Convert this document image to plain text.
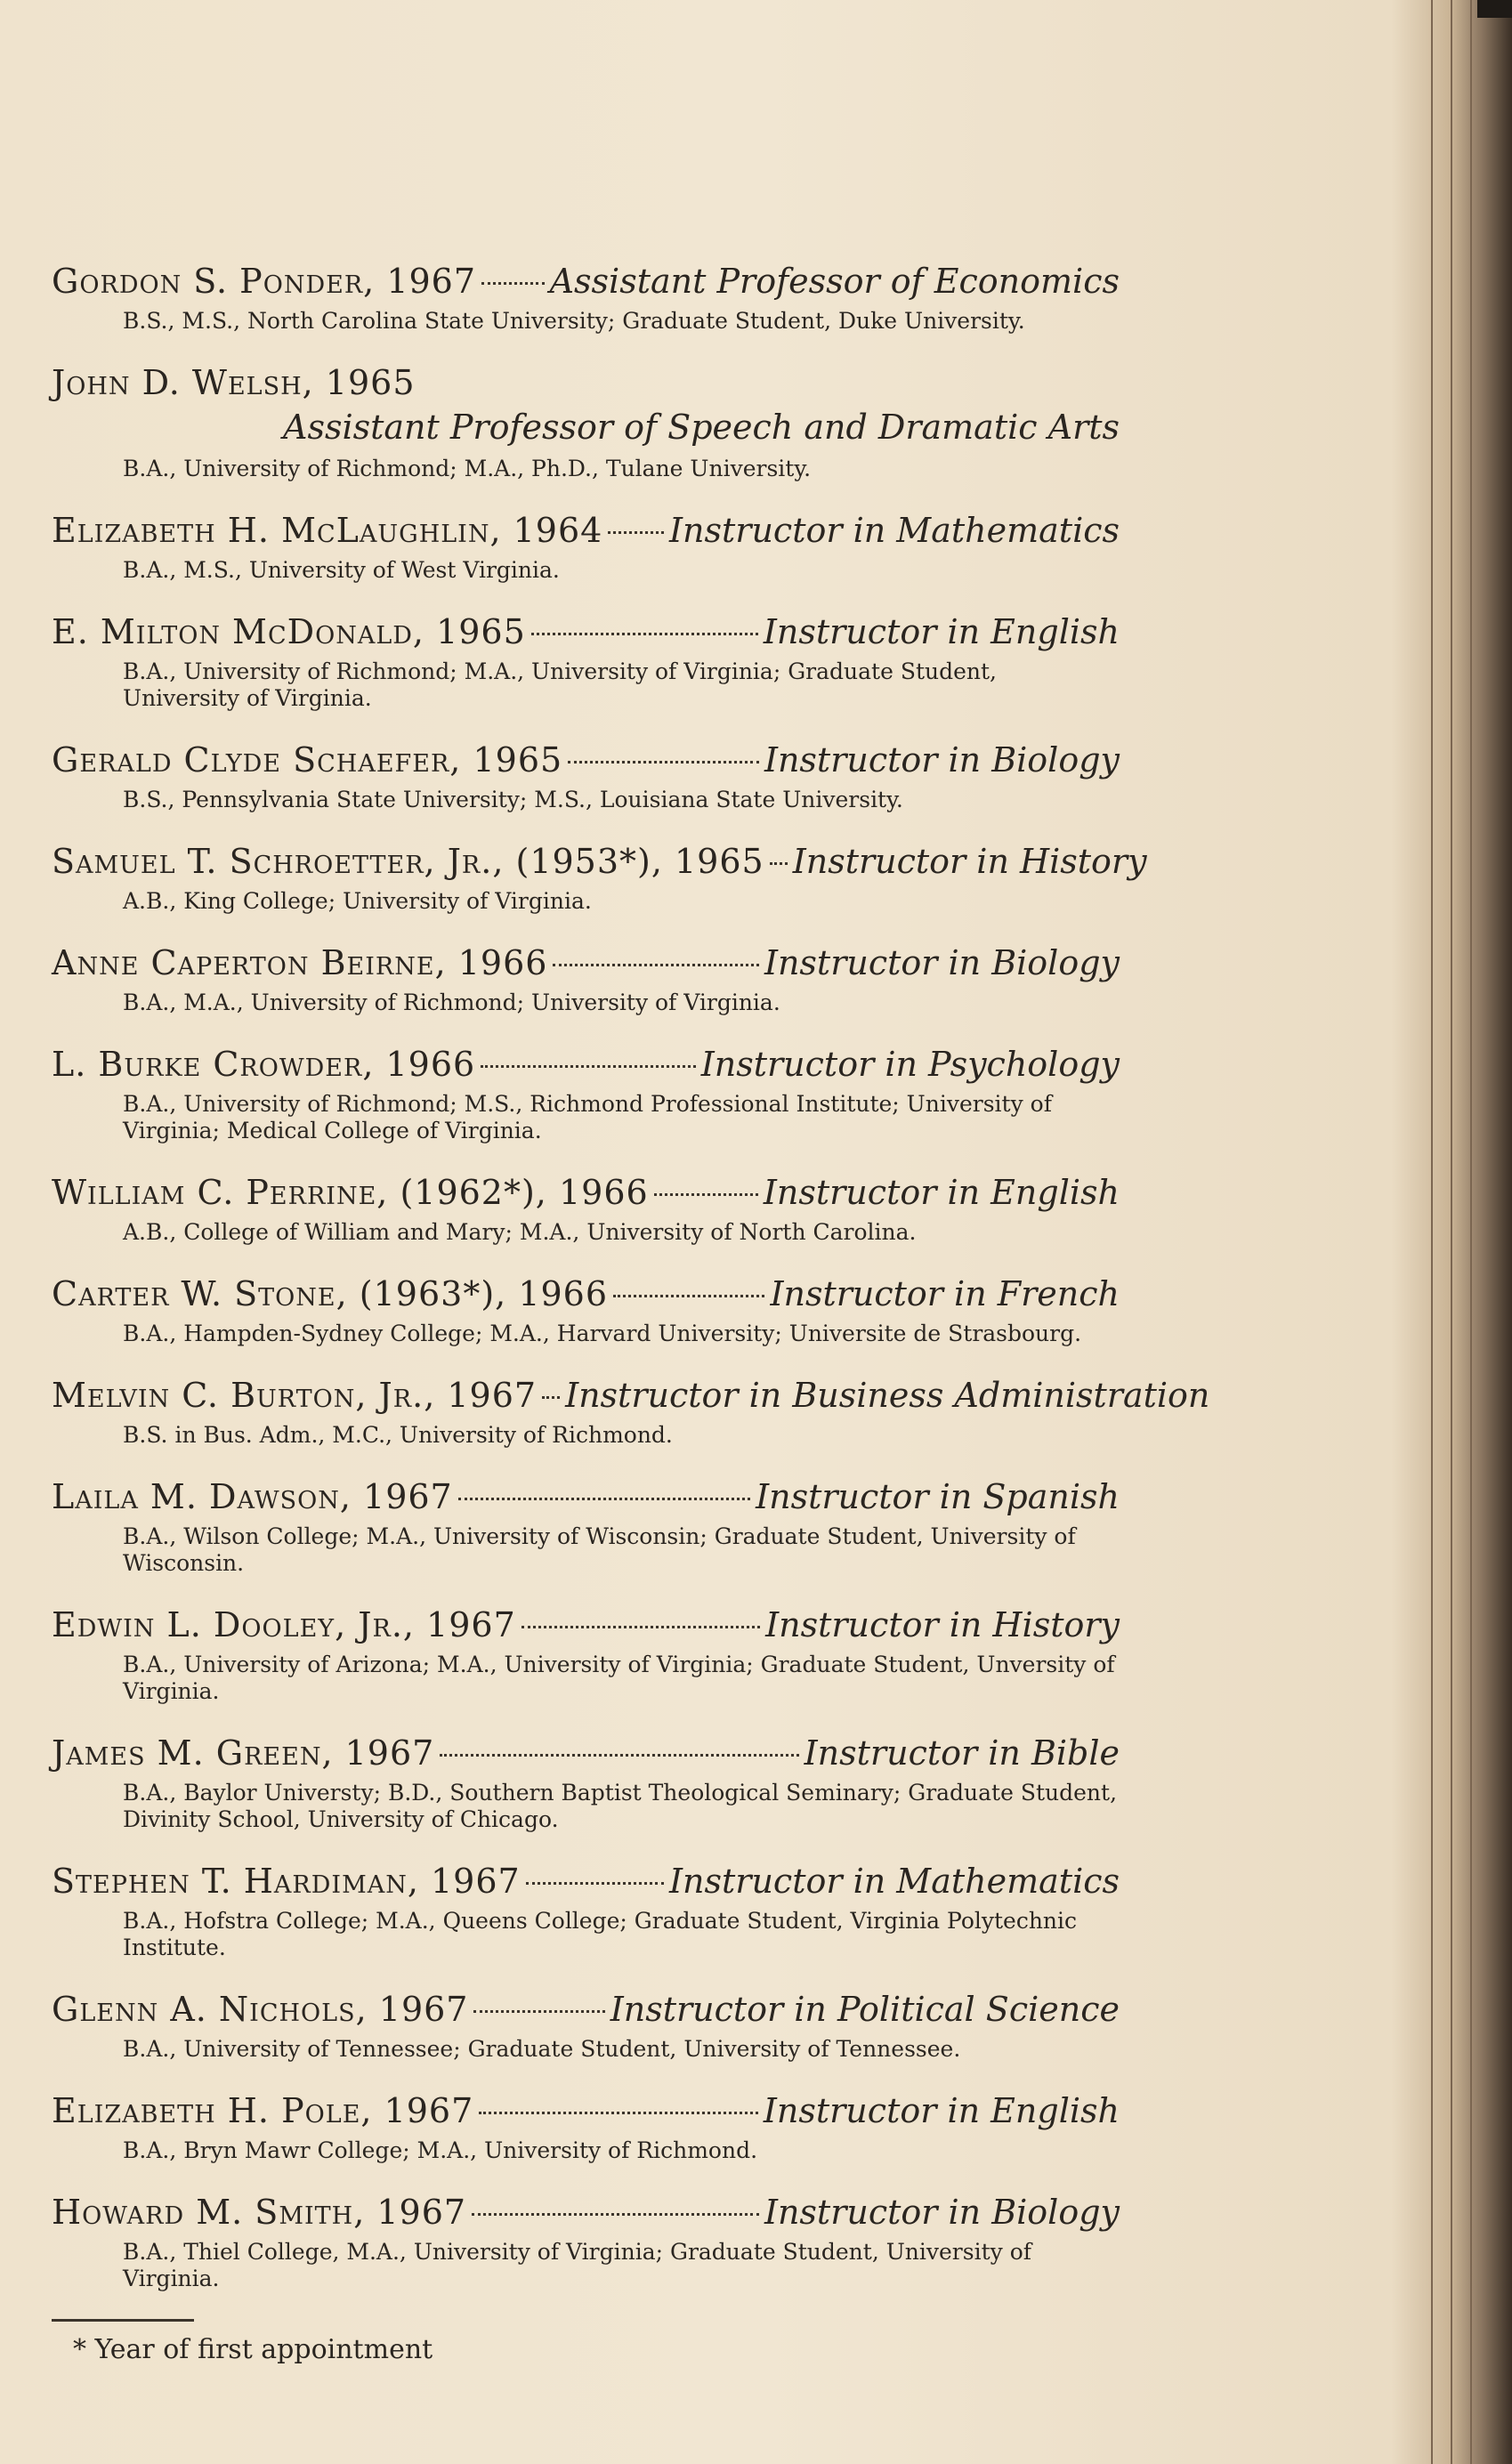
Gordon S. Ponder, 1967 Assistant Professor of Economics
B.S., M.S., North Carolina State University; Graduate Student, Duke University.
John D. Welsh, 1965
Assistant Professor of Speech and Dramatic Arts
B.A., University of Richmond; M.A., Ph.D., Tulane University.
Elizabeth H. McLaughlin, 1964 Instructor in Mathematics
B.A., M.S., University of West Virginia.
E. Milton McDonald, 1965	Instructor in English
B.A., University of Richmond; M.A., University of Virginia; Graduate Student, University of Virginia.
Gerald Clyde Schaefer, 1965	Instructor in Biology
B.S., Pennsylvania State University; M.S., Louisiana State University.
Samuel T. Schroetter, Jr., (1953*), 1965 Instructor in History
A.B., King College; University of Virginia.
Anne Caperton Beirne, 1966	Instructor in Biology
B.A., M.A., University of Richmond; University of Virginia.
L. Burke Crowder, 1966	Instructor in Psychology
B.A., University of Richmond; M.S., Richmond Professional Institute; University of Virginia; Medical College of Virginia.
William C. Perrine, (1962*), 1966	Instructor in English
A.B., College of William and Mary; M.A., University of North Carolina.
Carter W. Stone, (1963*), 1966	Instructor in French
B.A., Hampden-Sydney College; M.A., Harvard University; Universite de Strasbourg.
Melvin C. Burton, Jr., 1967 Instructor in Business Administration
B.S. in Bus. Adm., M.C., University of Richmond.
Laila M. Dawson, 1967	Instructor in Spanish
B.A., Wilson College; M.A., University of Wisconsin; Graduate Student, University of Wisconsin.
Edwin L. Dooley, Jr., 1967	Instructor in History
B.A., University of Arizona; M.A., University of Virginia; Graduate Student, Unversity of Virginia.
James M. Green, 1967	Instructor in Bible
B.A., Baylor Universty; B.D., Southern Baptist Theological Seminary; Graduate Student, Divinity School, University of Chicago.
Stephen T. Hardiman, 1967	Instructor in Mathematics
B.A., Hofstra College; M.A., Queens College; Graduate Student, Virginia Polytechnic Institute.
Glenn A. Nichols, 1967	Instructor in Political Science
B.A., University of Tennessee; Graduate Student, University of Tennessee.
Elizabeth H. Pole, 1967	Instructor in English
B.A., Bryn Mawr College; M.A., University of Richmond.
Howard M. Smith, 1967	Instructor in Biology
B.A., Thiel College, M.A., University of Virginia; Graduate Student, University of Virginia.
* Year of first appointment
